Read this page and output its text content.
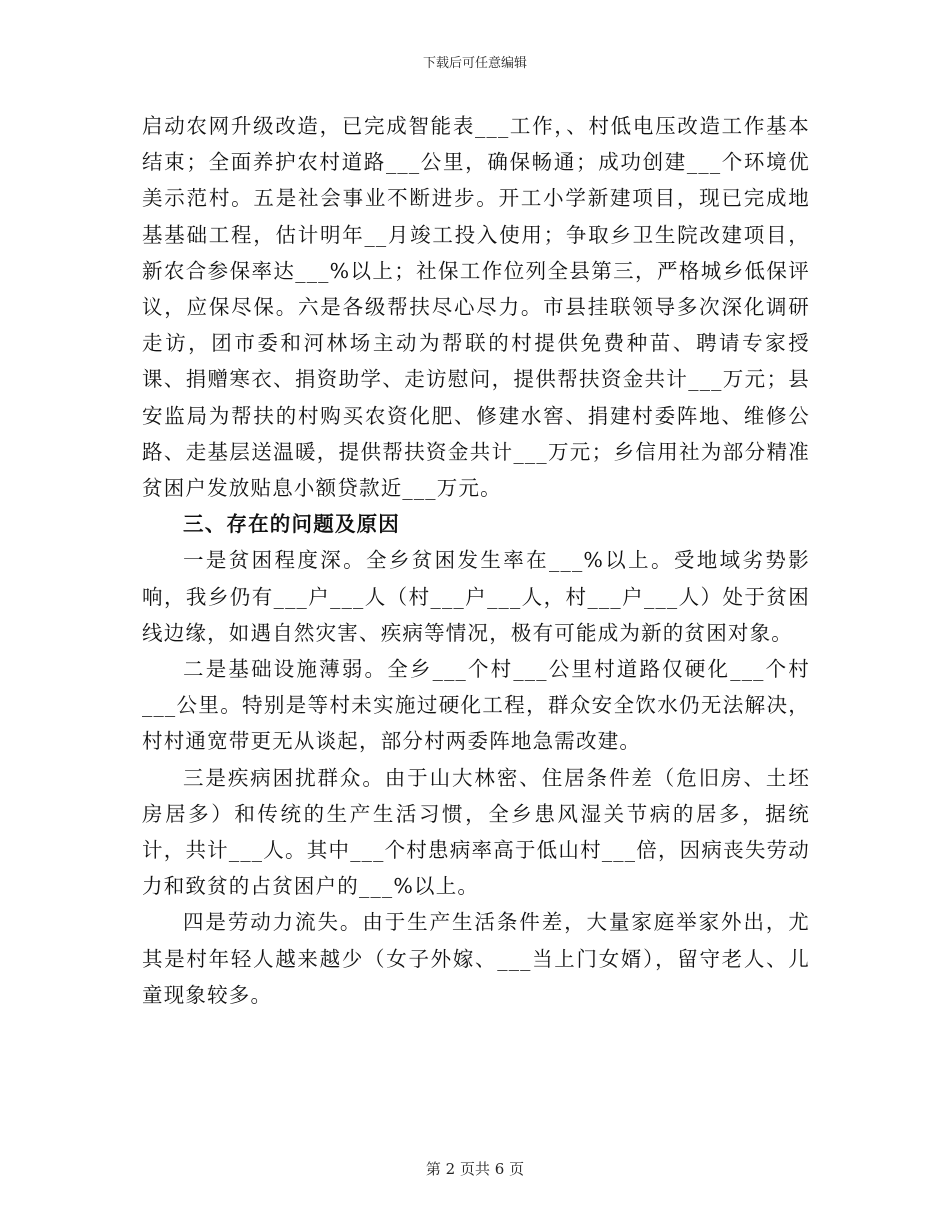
下载后可任意编辑

启动农网升级改造，已完成智能表___工作，、村低电压改造工作基本结束；全面养护农村道路___公里，确保畅通；成功创建___个环境优美示范村。五是社会事业不断进步。开工小学新建项目，现已完成地基基础工程，估计明年__月竣工投入使用；争取乡卫生院改建项目，新农合参保率达___%以上；社保工作位列全县第三，严格城乡低保评议，应保尽保。六是各级帮扶尽心尽力。市县挂联领导多次深化调研走访，团市委和河林场主动为帮联的村提供免费种苗、聘请专家授课、捐赠寒衣、捐资助学、走访慰问，提供帮扶资金共计___万元；县安监局为帮扶的村购买农资化肥、修建水窖、捐建村委阵地、维修公路、走基层送温暖，提供帮扶资金共计___万元；乡信用社为部分精准贫困户发放贴息小额贷款近___万元。

三、存在的问题及原因

一是贫困程度深。全乡贫困发生率在___%以上。受地域劣势影响，我乡仍有___户___人（村___户___人，村___户___人）处于贫困线边缘，如遇自然灾害、疾病等情况，极有可能成为新的贫困对象。

二是基础设施薄弱。全乡___个村___公里村道路仅硬化___个村___公里。特别是等村未实施过硬化工程，群众安全饮水仍无法解决，村村通宽带更无从谈起，部分村两委阵地急需改建。

三是疾病困扰群众。由于山大林密、住居条件差（危旧房、土坯房居多）和传统的生产生活习惯，全乡患风湿关节病的居多，据统计，共计___人。其中___个村患病率高于低山村___倍，因病丧失劳动力和致贫的占贫困户的___%以上。

四是劳动力流失。由于生产生活条件差，大量家庭举家外出，尤其是村年轻人越来越少（女子外嫁、___当上门女婿），留守老人、儿童现象较多。

第 2 页共 6 页
